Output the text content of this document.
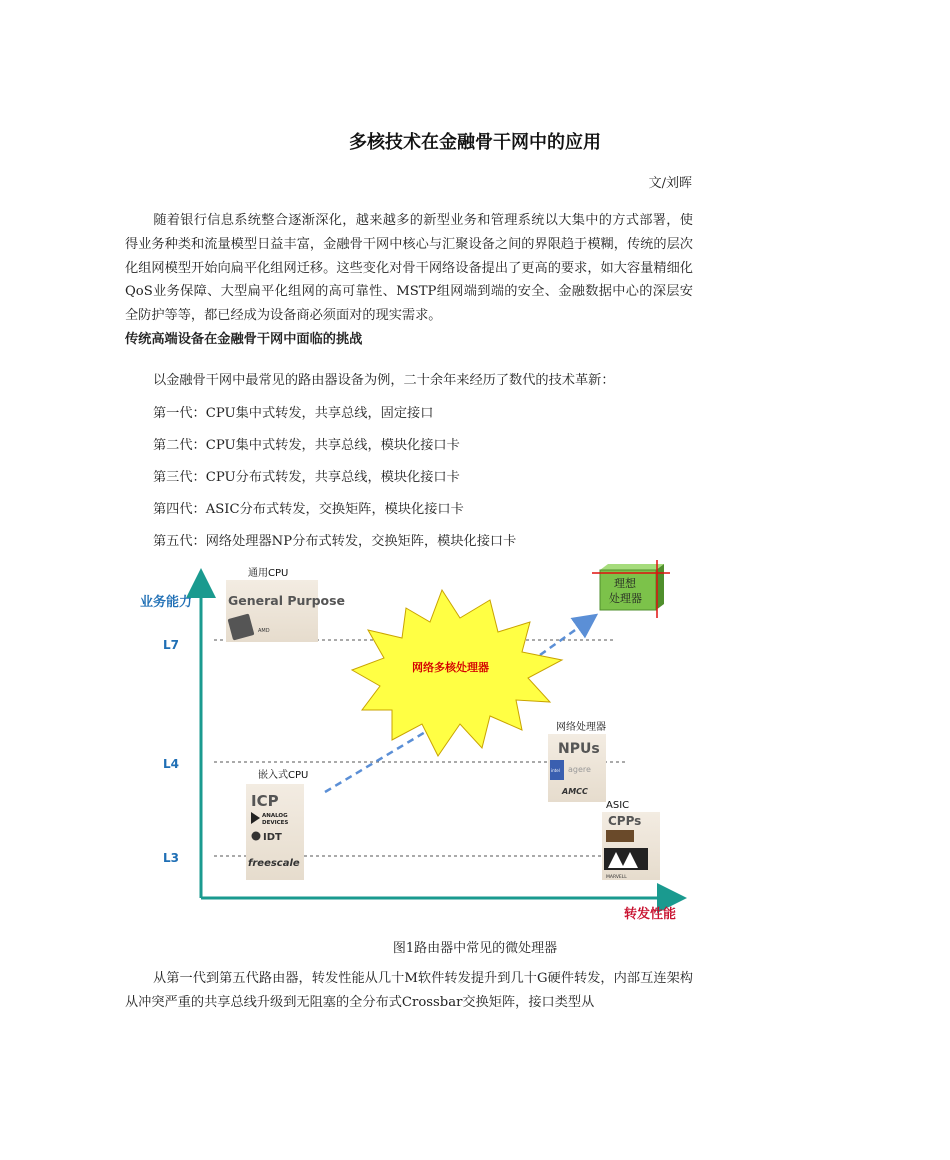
多核技术在金融骨干网中的应用
文/刘晖
随着银行信息系统整合逐渐深化，越来越多的新型业务和管理系统以大集中的方式部署，使得业务种类和流量模型日益丰富，金融骨干网中核心与汇聚设备之间的界限趋于模糊，传统的层次化组网模型开始向扁平化组网迁移。这些变化对骨干网络设备提出了更高的要求，如大容量精细化QoS业务保障、大型扁平化组网的高可靠性、MSTP组网端到端的安全、金融数据中心的深层安全防护等等，都已经成为设备商必须面对的现实需求。
传统高端设备在金融骨干网中面临的挑战
以金融骨干网中最常见的路由器设备为例，二十余年来经历了数代的技术革新：
第一代：CPU集中式转发，共享总线，固定接口
第二代：CPU集中式转发，共享总线，模块化接口卡
第三代：CPU分布式转发，共享总线，模块化接口卡
第四代：ASIC分布式转发，交换矩阵，模块化接口卡
第五代：网络处理器NP分布式转发，交换矩阵，模块化接口卡
业务能力
转发性能
L7
L4
L3
网络多核处理器
理想
处理器
通用CPU
General Purpose
AMD
嵌入式CPU
ICP
ANALOG
DEVICES
IDT
freescale
网络处理器
NPUs
intel agere
AMCC
ASIC
CPPs
MARVELL
图1路由器中常见的微处理器
从第一代到第五代路由器，转发性能从几十M软件转发提升到几十G硬件转发，内部互连架构从冲突严重的共享总线升级到无阻塞的全分布式Crossbar交换矩阵，接口类型从
